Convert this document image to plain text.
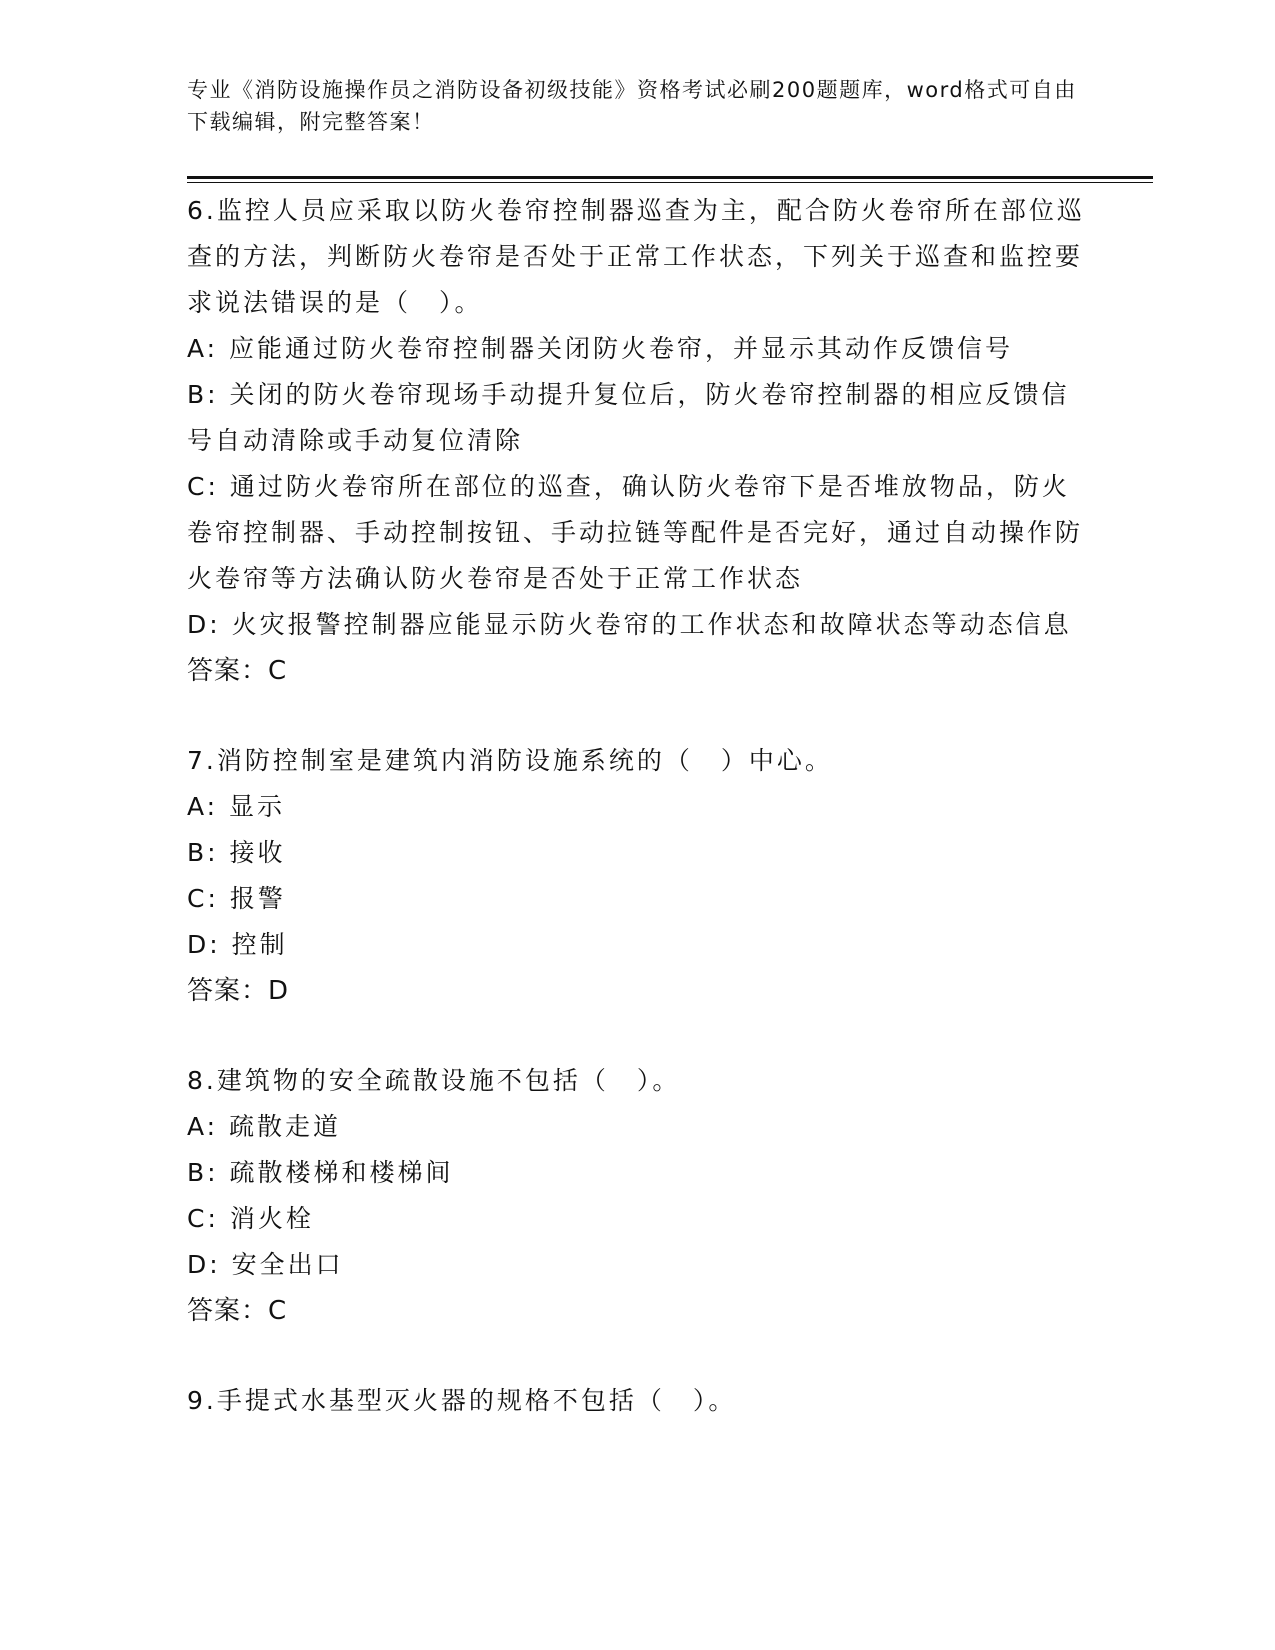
专业《消防设施操作员之消防设备初级技能》资格考试必刷200题题库，word格式可自由下载编辑，附完整答案！
6.监控人员应采取以防火卷帘控制器巡查为主，配合防火卷帘所在部位巡查的方法，判断防火卷帘是否处于正常工作状态，下列关于巡查和监控要求说法错误的是（　）。
A: 应能通过防火卷帘控制器关闭防火卷帘，并显示其动作反馈信号
B: 关闭的防火卷帘现场手动提升复位后，防火卷帘控制器的相应反馈信号自动清除或手动复位清除
C: 通过防火卷帘所在部位的巡查，确认防火卷帘下是否堆放物品，防火卷帘控制器、手动控制按钮、手动拉链等配件是否完好，通过自动操作防火卷帘等方法确认防火卷帘是否处于正常工作状态
D: 火灾报警控制器应能显示防火卷帘的工作状态和故障状态等动态信息
答案：C
7.消防控制室是建筑内消防设施系统的（　）中心。
A: 显示
B: 接收
C: 报警
D: 控制
答案：D
8.建筑物的安全疏散设施不包括（　）。
A: 疏散走道
B: 疏散楼梯和楼梯间
C: 消火栓
D: 安全出口
答案：C
9.手提式水基型灭火器的规格不包括（　）。
